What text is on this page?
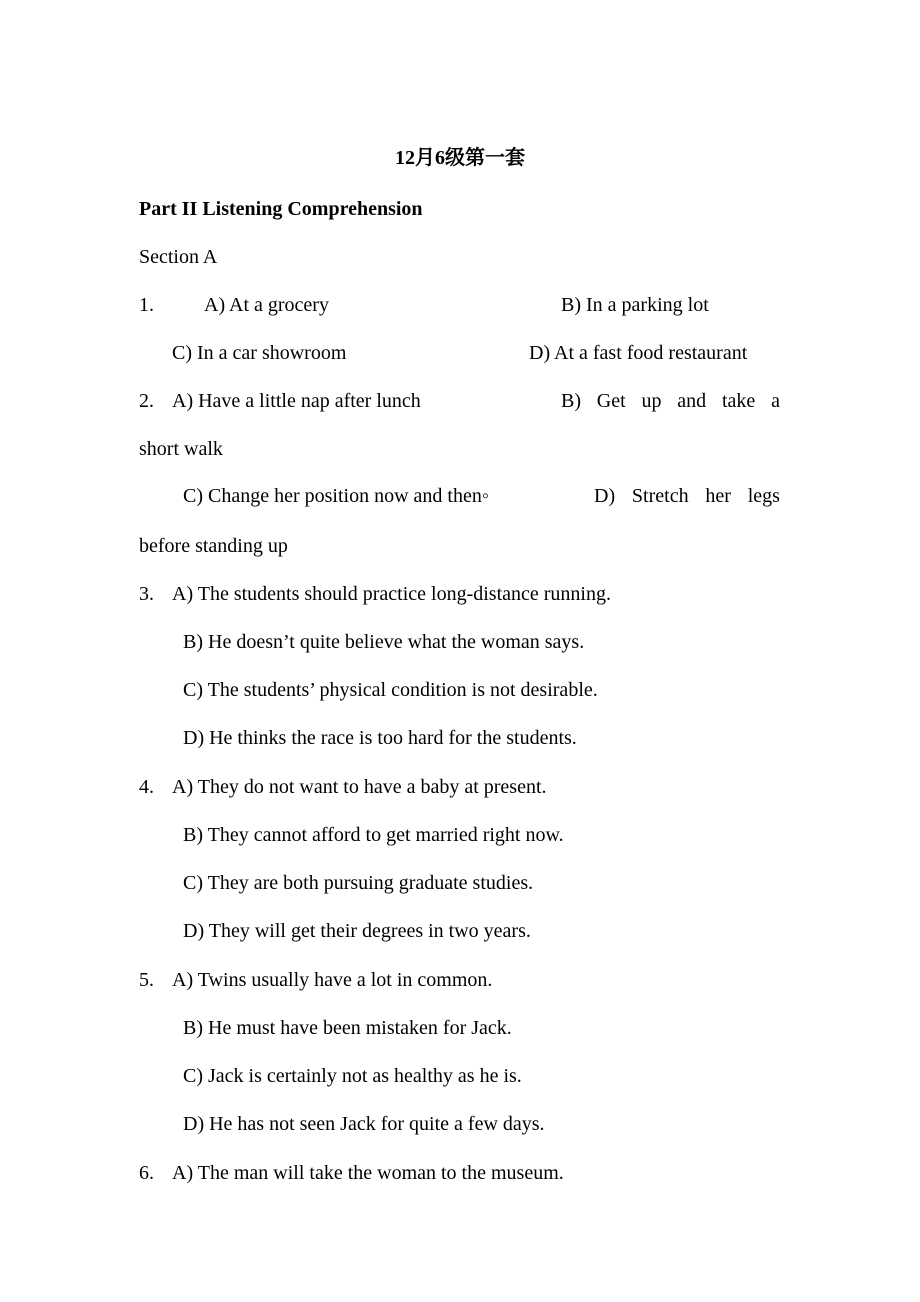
12月6级第一套
Part II Listening Comprehension
Section A
1.	A) At a grocery	B) In a parking lot
C) In a car showroom	D) At a fast food restaurant
2. A) Have a little nap after lunch	B) Get up and take a
short walk
C) Change her position now and then◦	D) Stretch her legs
before standing up
3. A) The students should practice long-distance running.
B) He doesn’t quite believe what the woman says.
C) The students’ physical condition is not desirable.
D) He thinks the race is too hard for the students.
4. A) They do not want to have a baby at present.
B) They cannot afford to get married right now.
C) They are both pursuing graduate studies.
D) They will get their degrees in two years.
5. A) Twins usually have a lot in common.
B) He must have been mistaken for Jack.
C) Jack is certainly not as healthy as he is.
D) He has not seen Jack for quite a few days.
6. A) The man will take the woman to the museum.
